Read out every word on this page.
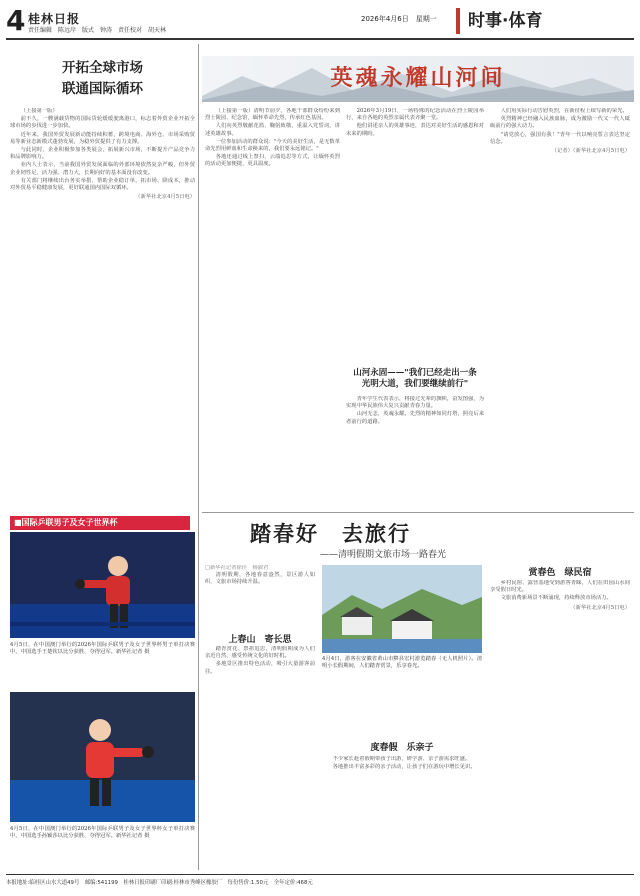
4 桂林日报
责任编辑　陈远岸　版式　钟涛　责任校对　胡天林
2026年4月6日　星期一	时事·体育
开拓全球市场
联通国际循环

（上接第一版）

前不久，一艘满载货物的国际货轮缓缓驶离港口，标志着外贸企业开拓全球市场的步伐进一步加快。

近年来，我国外贸发展新动能持续积蓄，跨境电商、海外仓、市场采购贸易等新业态新模式蓬勃发展，为稳外贸提供了有力支撑。

与此同时，企业积极参加各类展会，拓展新兴市场，不断提升产品竞争力和品牌影响力。

业内人士表示，当前我国外贸发展面临的外部环境依然复杂严峻，但外贸企业韧性足、活力强、潜力大，长期向好的基本面没有改变。

有关部门将继续出台务实举措，帮助企业稳订单、拓市场、降成本，推动对外贸易平稳健康发展，更好联通国内国际双循环。

（新华社北京4月5日电）
■国际乒联男子及女子世界杯
4月5日，在中国澳门举行的2026年国际乒联男子及女子世界杯男子单打决赛中，中国选手王楚钦以比分获胜，夺得冠军。新华社记者 摄
4月5日，在中国澳门举行的2026年国际乒联男子及女子世界杯女子单打决赛中，中国选手孙颖莎以比分获胜，夺得冠军。新华社记者 摄
英魂永耀山河间

（上接第一版）清明节前夕，各地干部群众纷纷来到烈士陵园、纪念馆，缅怀革命先烈，传承红色基因。

人们向英烈敬献花篮、鞠躬致敬，重温入党誓词，讲述英雄故事。

一位参加活动的群众说："今天的美好生活，是无数革命先烈用鲜血和生命换来的，我们要永远铭记。"

各地还通过线上祭扫、云端追思等方式，让缅怀英烈的活动更加便捷、更具温度。

2026年3月19日，一场特殊的纪念活动在烈士陵园举行，来自各地的英烈亲属代表齐聚一堂。

他们讲述亲人的英雄事迹，表达对美好生活的感恩和对未来的期盼。

山河永固——"我们已经走出一条光明大道，我们要继续前行"

青年学生代表表示，将接过先辈的旗帜，奋发图强，为实现中华民族伟大复兴贡献青春力量。

山河无恙，英魂永耀。先烈的精神如同灯塔，照亮后来者前行的道路。

人们用实际行动告慰英烈，在新征程上续写新的荣光。

英烈精神已经融入民族血脉，成为激励一代又一代人砥砺前行的强大动力。

"请党放心，强国有我！"青年一代以响亮誓言表达坚定信念。

（记者）（新华社北京4月5日电）
踏春好　去旅行
——清明假期文旅市场一路春光
□新华社记者徐佳　杨淑君

清明假期，各地春意盎然，景区游人如织，文旅市场持续升温。

上春山　寄长思

踏青赏花、祭祖追思，清明假期成为人们亲近自然、感受传统文化的好时机。

多地景区推出特色活动，吸引大量游客前往。

4月4日，游客在安徽省黄山市黟县宏村游览踏春（无人机照片）。清明小长假期间，人们踏青赏景，乐享春光。
度春假　乐亲子

不少家长趁着假期带孩子出游，研学游、亲子游需求旺盛。

各地推出丰富多彩的亲子活动，让孩子们在游玩中增长见识。

赏春色　绿民宿

乡村民宿、露营基地受到游客青睐，人们在田园山水间享受假日时光。

文旅消费新场景不断涌现，持续释放市场活力。

（新华社北京4月5日电）
本报地址:临桂区山水大道49号　邮编:541199　桂林日报印刷厂印刷:桂林市秀峰区橡胶厂　每份售价:1.50元　全年定价:468元
